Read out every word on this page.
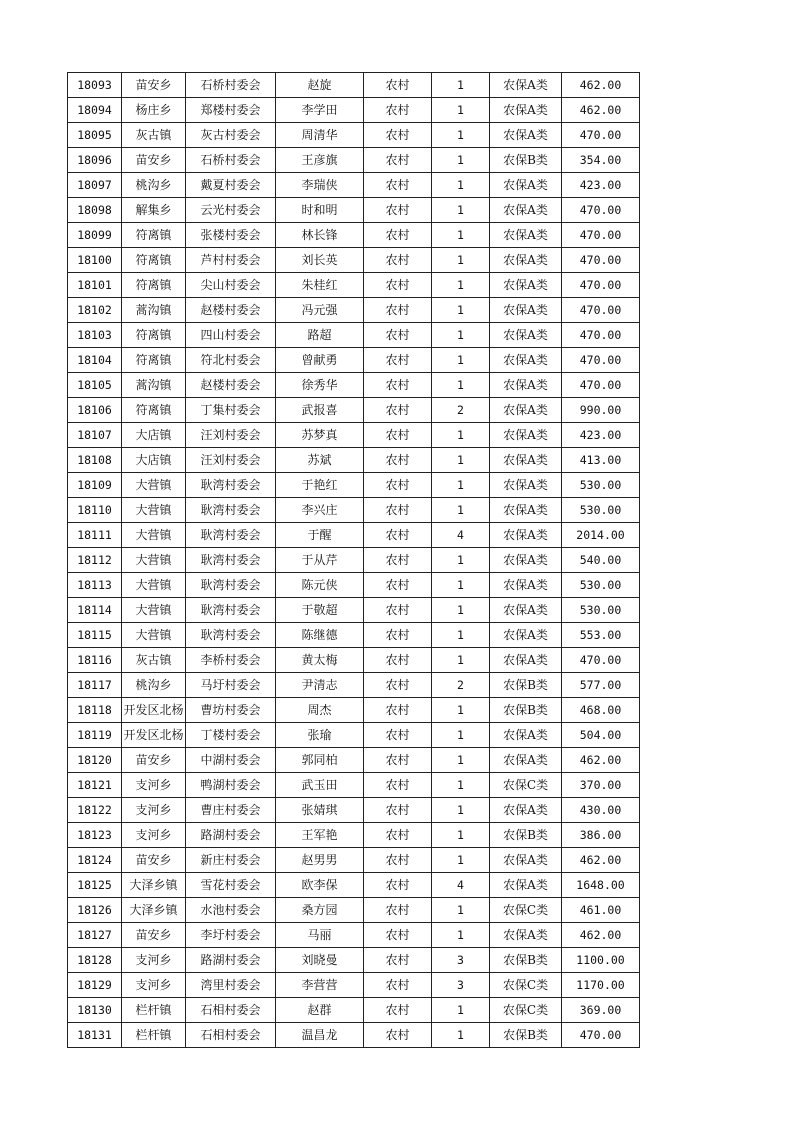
18093	苗安乡	石桥村委会	赵旋	农村	1	农保A类	462.00
18094	杨庄乡	郑楼村委会	李学田	农村	1	农保A类	462.00
18095	灰古镇	灰古村委会	周清华	农村	1	农保A类	470.00
18096	苗安乡	石桥村委会	王彦旗	农村	1	农保B类	354.00
18097	桃沟乡	戴夏村委会	李瑞侠	农村	1	农保A类	423.00
18098	解集乡	云光村委会	时和明	农村	1	农保A类	470.00
18099	符离镇	张楼村委会	林长锋	农村	1	农保A类	470.00
18100	符离镇	芦村村委会	刘长英	农村	1	农保A类	470.00
18101	符离镇	尖山村委会	朱桂红	农村	1	农保A类	470.00
18102	蒿沟镇	赵楼村委会	冯元强	农村	1	农保A类	470.00
18103	符离镇	四山村委会	路超	农村	1	农保A类	470.00
18104	符离镇	符北村委会	曾献勇	农村	1	农保A类	470.00
18105	蒿沟镇	赵楼村委会	徐秀华	农村	1	农保A类	470.00
18106	符离镇	丁集村委会	武报喜	农村	2	农保A类	990.00
18107	大店镇	汪刘村委会	苏梦真	农村	1	农保A类	423.00
18108	大店镇	汪刘村委会	苏斌	农村	1	农保A类	413.00
18109	大营镇	耿湾村委会	于艳红	农村	1	农保A类	530.00
18110	大营镇	耿湾村委会	李兴庄	农村	1	农保A类	530.00
18111	大营镇	耿湾村委会	于醒	农村	4	农保A类	2014.00
18112	大营镇	耿湾村委会	于从芹	农村	1	农保A类	540.00
18113	大营镇	耿湾村委会	陈元侠	农村	1	农保A类	530.00
18114	大营镇	耿湾村委会	于敬超	农村	1	农保A类	530.00
18115	大营镇	耿湾村委会	陈继德	农村	1	农保A类	553.00
18116	灰古镇	李桥村委会	黄太梅	农村	1	农保A类	470.00
18117	桃沟乡	马圩村委会	尹清志	农村	2	农保B类	577.00
18118	开发区北杨	曹坊村委会	周杰	农村	1	农保B类	468.00
18119	开发区北杨	丁楼村委会	张瑜	农村	1	农保A类	504.00
18120	苗安乡	中湖村委会	郭同柏	农村	1	农保A类	462.00
18121	支河乡	鸭湖村委会	武玉田	农村	1	农保C类	370.00
18122	支河乡	曹庄村委会	张婧琪	农村	1	农保A类	430.00
18123	支河乡	路湖村委会	王军艳	农村	1	农保B类	386.00
18124	苗安乡	新庄村委会	赵男男	农村	1	农保A类	462.00
18125	大泽乡镇	雪花村委会	欧李保	农村	4	农保A类	1648.00
18126	大泽乡镇	水池村委会	桑方园	农村	1	农保C类	461.00
18127	苗安乡	李圩村委会	马丽	农村	1	农保A类	462.00
18128	支河乡	路湖村委会	刘晓曼	农村	3	农保B类	1100.00
18129	支河乡	湾里村委会	李营营	农村	3	农保C类	1170.00
18130	栏杆镇	石相村委会	赵群	农村	1	农保C类	369.00
18131	栏杆镇	石相村委会	温昌龙	农村	1	农保B类	470.00
